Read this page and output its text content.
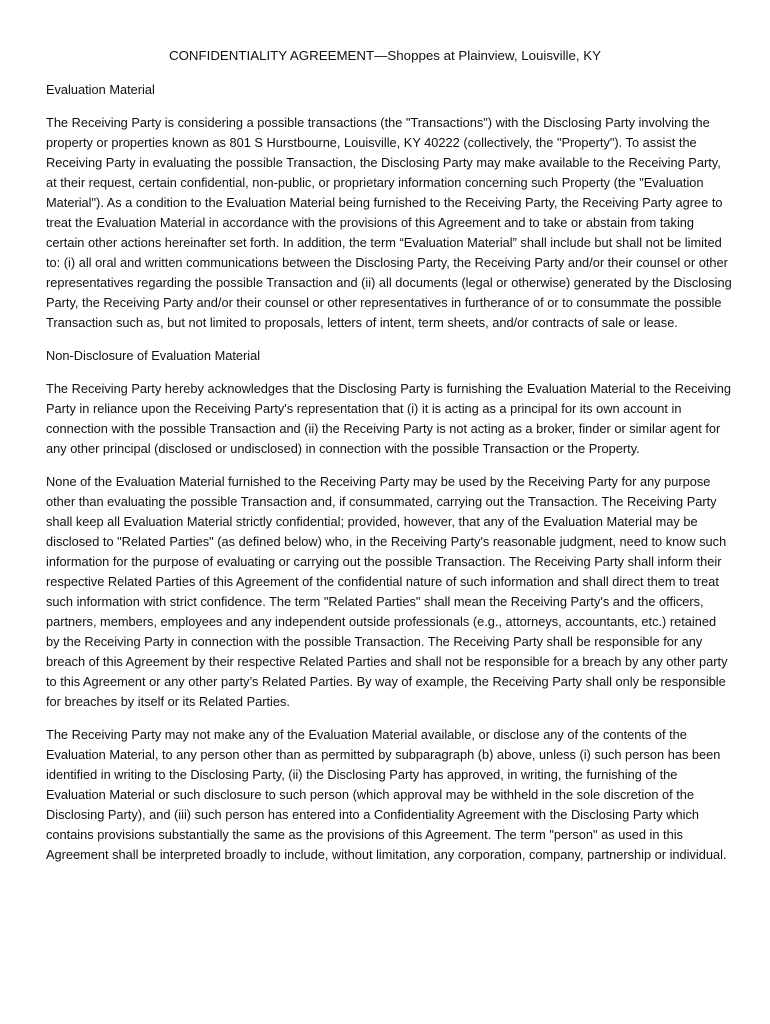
CONFIDENTIALITY AGREEMENT—Shoppes at Plainview, Louisville, KY
Evaluation Material

The Receiving Party is considering a possible transactions (the "Transactions") with the Disclosing Party involving the property or properties known as 801 S Hurstbourne, Louisville, KY 40222 (collectively, the "Property"). To assist the Receiving Party in evaluating the possible Transaction, the Disclosing Party may make available to the Receiving Party, at their request, certain confidential, non-public, or proprietary information concerning such Property (the "Evaluation Material"). As a condition to the Evaluation Material being furnished to the Receiving Party, the Receiving Party agree to treat the Evaluation Material in accordance with the provisions of this Agreement and to take or abstain from taking certain other actions hereinafter set forth. In addition, the term “Evaluation Material” shall include but shall not be limited to: (i) all oral and written communications between the Disclosing Party, the Receiving Party and/or their counsel or other representatives regarding the possible Transaction and (ii) all documents (legal or otherwise) generated by the Disclosing Party, the Receiving Party and/or their counsel or other representatives in furtherance of or to consummate the possible Transaction such as, but not limited to proposals, letters of intent, term sheets, and/or contracts of sale or lease.

Non-Disclosure of Evaluation Material

The Receiving Party hereby acknowledges that the Disclosing Party is furnishing the Evaluation Material to the Receiving Party in reliance upon the Receiving Party's representation that (i) it is acting as a principal for its own account in connection with the possible Transaction and (ii) the Receiving Party is not acting as a broker, finder or similar agent for any other principal (disclosed or undisclosed) in connection with the possible Transaction or the Property.

None of the Evaluation Material furnished to the Receiving Party may be used by the Receiving Party for any purpose other than evaluating the possible Transaction and, if consummated, carrying out the Transaction. The Receiving Party shall keep all Evaluation Material strictly confidential; provided, however, that any of the Evaluation Material may be disclosed to "Related Parties" (as defined below) who, in the Receiving Party's reasonable judgment, need to know such information for the purpose of evaluating or carrying out the possible Transaction. The Receiving Party shall inform their respective Related Parties of this Agreement of the confidential nature of such information and shall direct them to treat such information with strict confidence. The term "Related Parties" shall mean the Receiving Party's and the officers, partners, members, employees and any independent outside professionals (e.g., attorneys, accountants, etc.) retained by the Receiving Party in connection with the possible Transaction. The Receiving Party shall be responsible for any breach of this Agreement by their respective Related Parties and shall not be responsible for a breach by any other party to this Agreement or any other party’s Related Parties. By way of example, the Receiving Party shall only be responsible for breaches by itself or its Related Parties.

The Receiving Party may not make any of the Evaluation Material available, or disclose any of the contents of the Evaluation Material, to any person other than as permitted by subparagraph (b) above, unless (i) such person has been identified in writing to the Disclosing Party, (ii) the Disclosing Party has approved, in writing, the furnishing of the Evaluation Material or such disclosure to such person (which approval may be withheld in the sole discretion of the Disclosing Party), and (iii) such person has entered into a Confidentiality Agreement with the Disclosing Party which contains provisions substantially the same as the provisions of this Agreement. The term "person" as used in this Agreement shall be interpreted broadly to include, without limitation, any corporation, company, partnership or individual.
